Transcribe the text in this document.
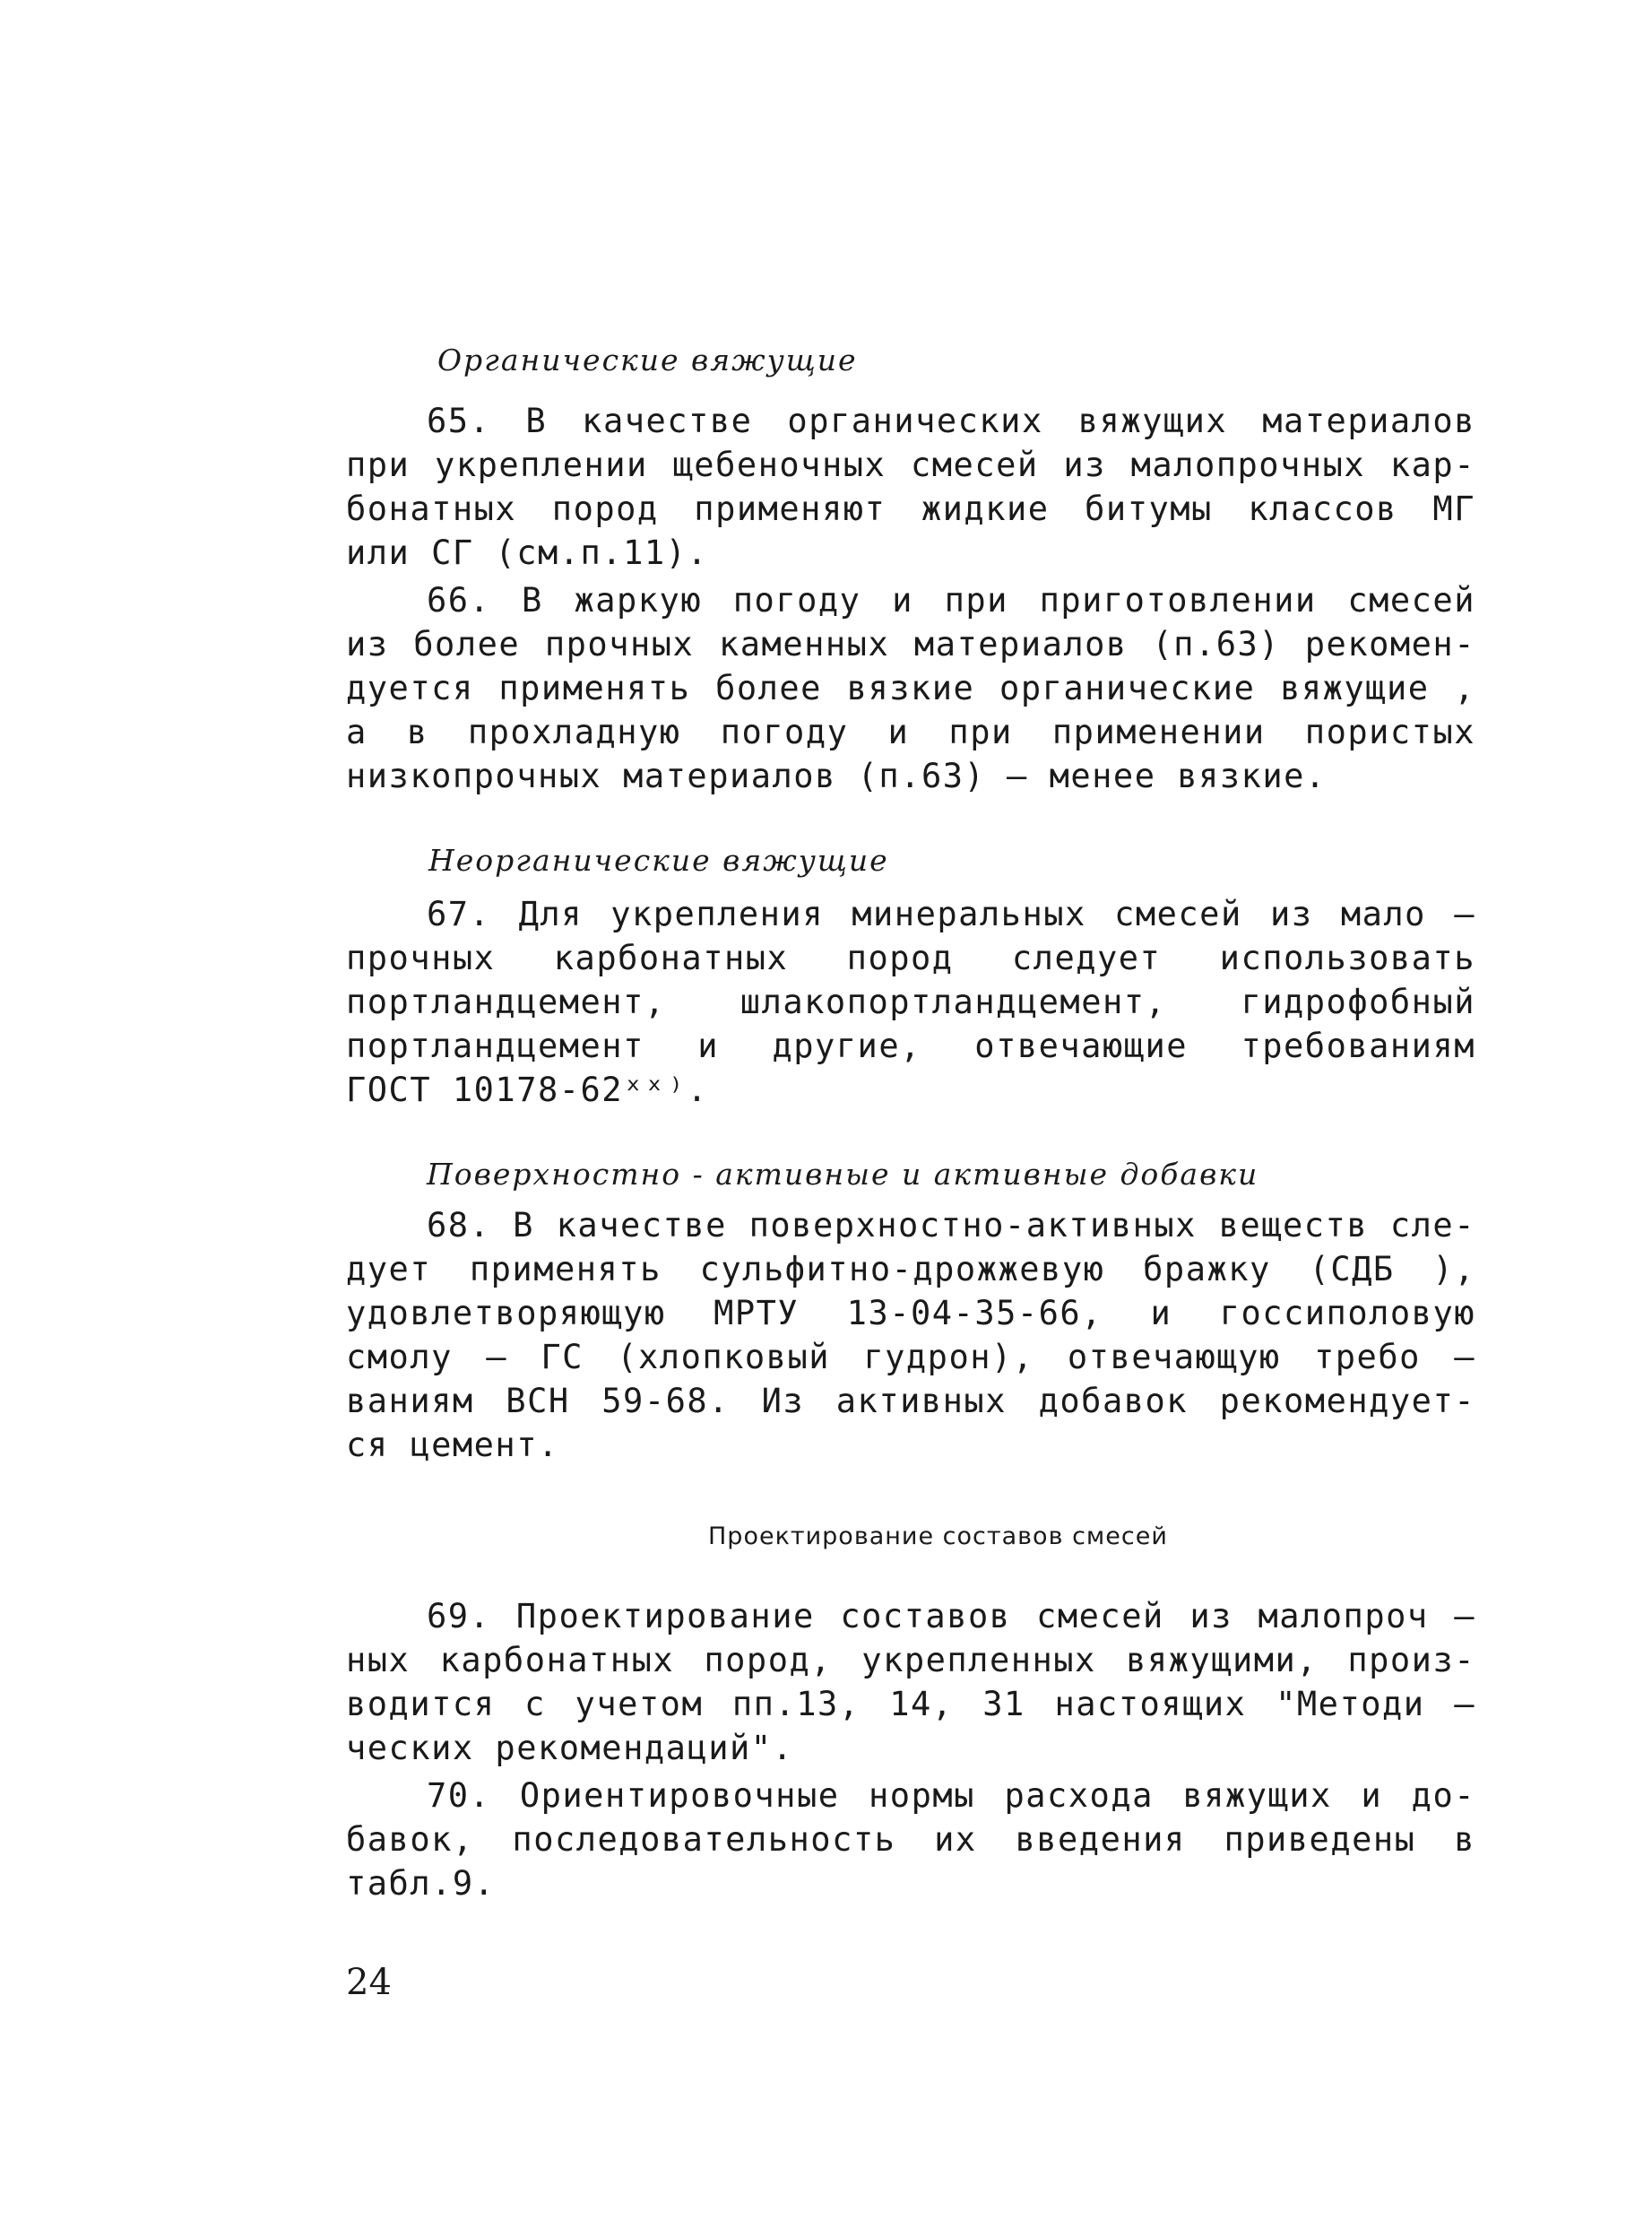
Органические вяжущие
65. В качестве органических вяжущих материалов
при укреплении щебеночных смесей из малопрочных кар-
бонатных пород применяют жидкие битумы классов МГ
или СГ (см.п.11).
66. В жаркую погоду и при приготовлении смесей
из более прочных каменных материалов (п.63) рекомен-
дуется применять более вязкие органические вяжущие ,
а в прохладную погоду и при применении пористых
низкопрочных материалов (п.63) – менее вязкие.
Неорганические вяжущие
67. Для укрепления минеральных смесей из мало –
прочных карбонатных пород следует использовать
портландцемент, шлакопортландцемент, гидрофобный
портландцемент и другие, отвечающие требованиям
ГОСТ 10178-62ˣˣ⁾.
Поверхностно - активные и активные добавки
68. В качестве поверхностно-активных веществ сле-
дует применять сульфитно-дрожжевую бражку (СДБ ),
удовлетворяющую МРТУ 13-04-35-66, и госсиполовую
смолу – ГС (хлопковый гудрон), отвечающую требо –
ваниям ВСН 59-68. Из активных добавок рекомендует-
ся цемент.
Проектирование составов смесей
69. Проектирование составов смесей из малопроч –
ных карбонатных пород, укрепленных вяжущими, произ-
водится с учетом пп.13, 14, 31 настоящих "Методи –
ческих рекомендаций".
70. Ориентировочные нормы расхода вяжущих и до-
бавок, последовательность их введения приведены в
табл.9.
24
